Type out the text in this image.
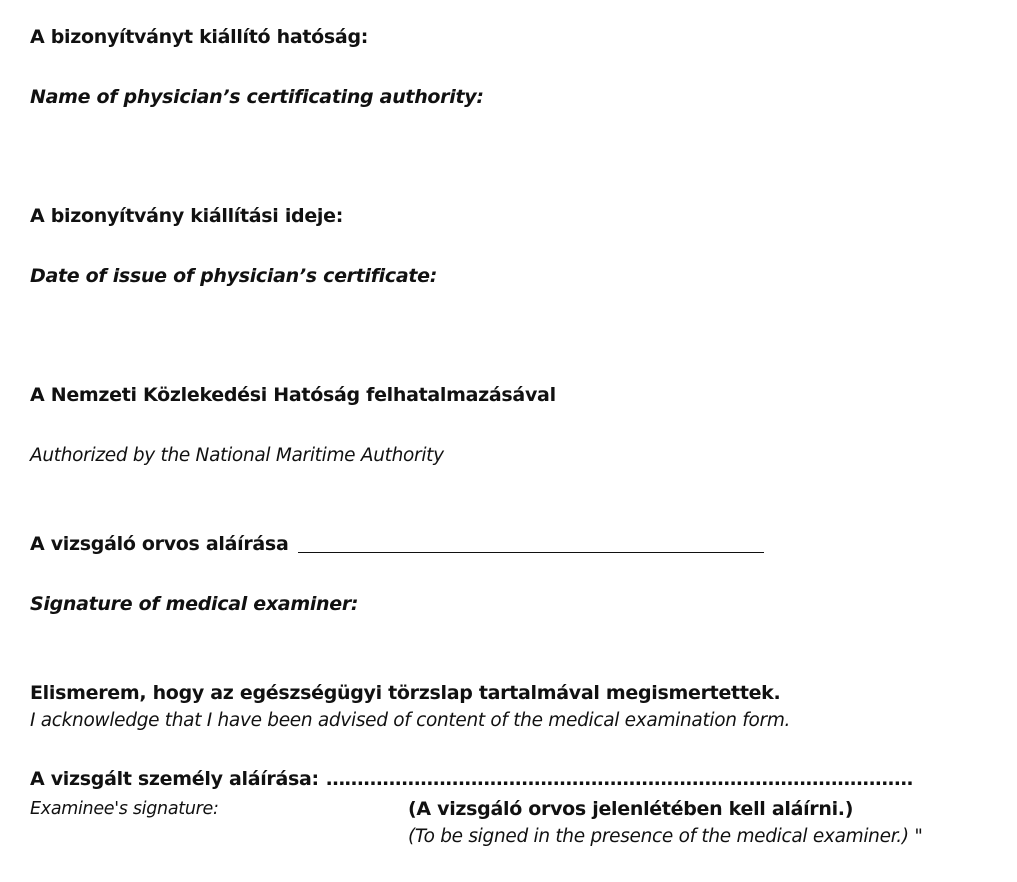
A bizonyítványt kiállító hatóság:
Name of physician’s certificating authority:
A bizonyítvány kiállítási ideje:
Date of issue of physician’s certificate:
A Nemzeti Közlekedési Hatóság felhatalmazásával
Authorized by the National Maritime Authority
A vizsgáló orvos aláírása
Signature of medical examiner:
Elismerem, hogy az egészségügyi törzslap tartalmával megismertettek.
I acknowledge that I have been advised of content of the medical examination form.
A vizsgált személy aláírása: …..........................................................................................
Examinee's signature:	(A vizsgáló orvos jelenlétében kell aláírni.)
(To be signed in the presence of the medical examiner.) "
